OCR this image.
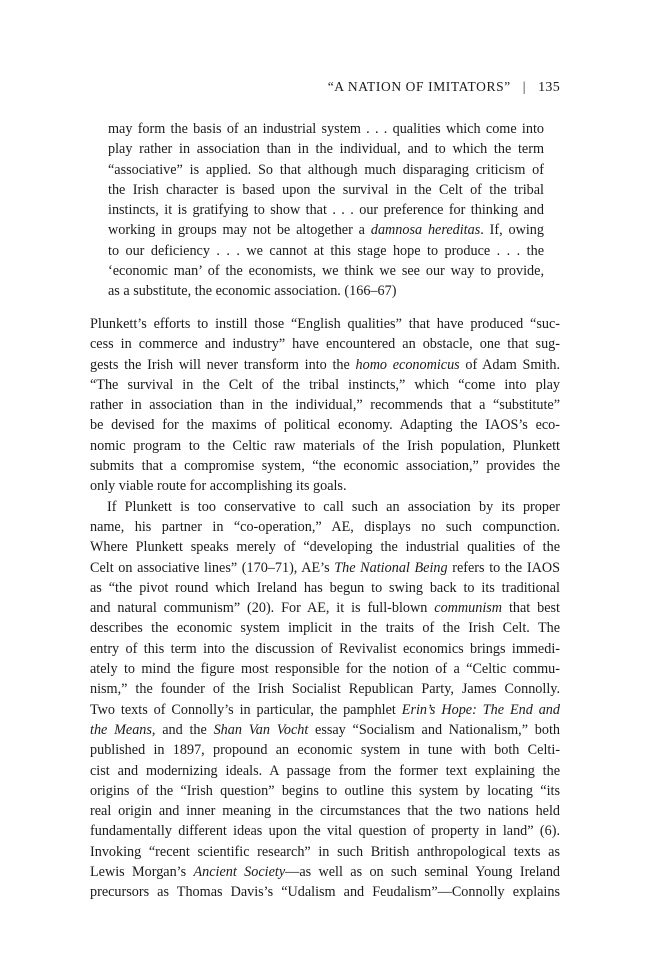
“A NATION OF IMITATORS” | 135
may form the basis of an industrial system . . . qualities which come into
play rather in association than in the individual, and to which the term
“associative” is applied. So that although much disparaging criticism of
the Irish character is based upon the survival in the Celt of the tribal
instincts, it is gratifying to show that . . . our preference for thinking and
working in groups may not be altogether a damnosa hereditas. If, owing
to our deficiency . . . we cannot at this stage hope to produce . . . the
‘economic man’ of the economists, we think we see our way to provide,
as a substitute, the economic association. (166–67)
Plunkett’s efforts to instill those “English qualities” that have produced “suc-
cess in commerce and industry” have encountered an obstacle, one that sug-
gests the Irish will never transform into the homo economicus of Adam Smith.
“The survival in the Celt of the tribal instincts,” which “come into play
rather in association than in the individual,” recommends that a “substitute”
be devised for the maxims of political economy. Adapting the IAOS’s eco-
nomic program to the Celtic raw materials of the Irish population, Plunkett
submits that a compromise system, “the economic association,” provides the
only viable route for accomplishing its goals.
If Plunkett is too conservative to call such an association by its proper
name, his partner in “co-operation,” AE, displays no such compunction.
Where Plunkett speaks merely of “developing the industrial qualities of the
Celt on associative lines” (170–71), AE’s The National Being refers to the IAOS
as “the pivot round which Ireland has begun to swing back to its traditional
and natural communism” (20). For AE, it is full-blown communism that best
describes the economic system implicit in the traits of the Irish Celt. The
entry of this term into the discussion of Revivalist economics brings immedi-
ately to mind the figure most responsible for the notion of a “Celtic commu-
nism,” the founder of the Irish Socialist Republican Party, James Connolly.
Two texts of Connolly’s in particular, the pamphlet Erin’s Hope: The End and
the Means, and the Shan Van Vocht essay “Socialism and Nationalism,” both
published in 1897, propound an economic system in tune with both Celti-
cist and modernizing ideals. A passage from the former text explaining the
origins of the “Irish question” begins to outline this system by locating “its
real origin and inner meaning in the circumstances that the two nations held
fundamentally different ideas upon the vital question of property in land” (6).
Invoking “recent scientific research” in such British anthropological texts as
Lewis Morgan’s Ancient Society—as well as on such seminal Young Ireland
precursors as Thomas Davis’s “Udalism and Feudalism”—Connolly explains
